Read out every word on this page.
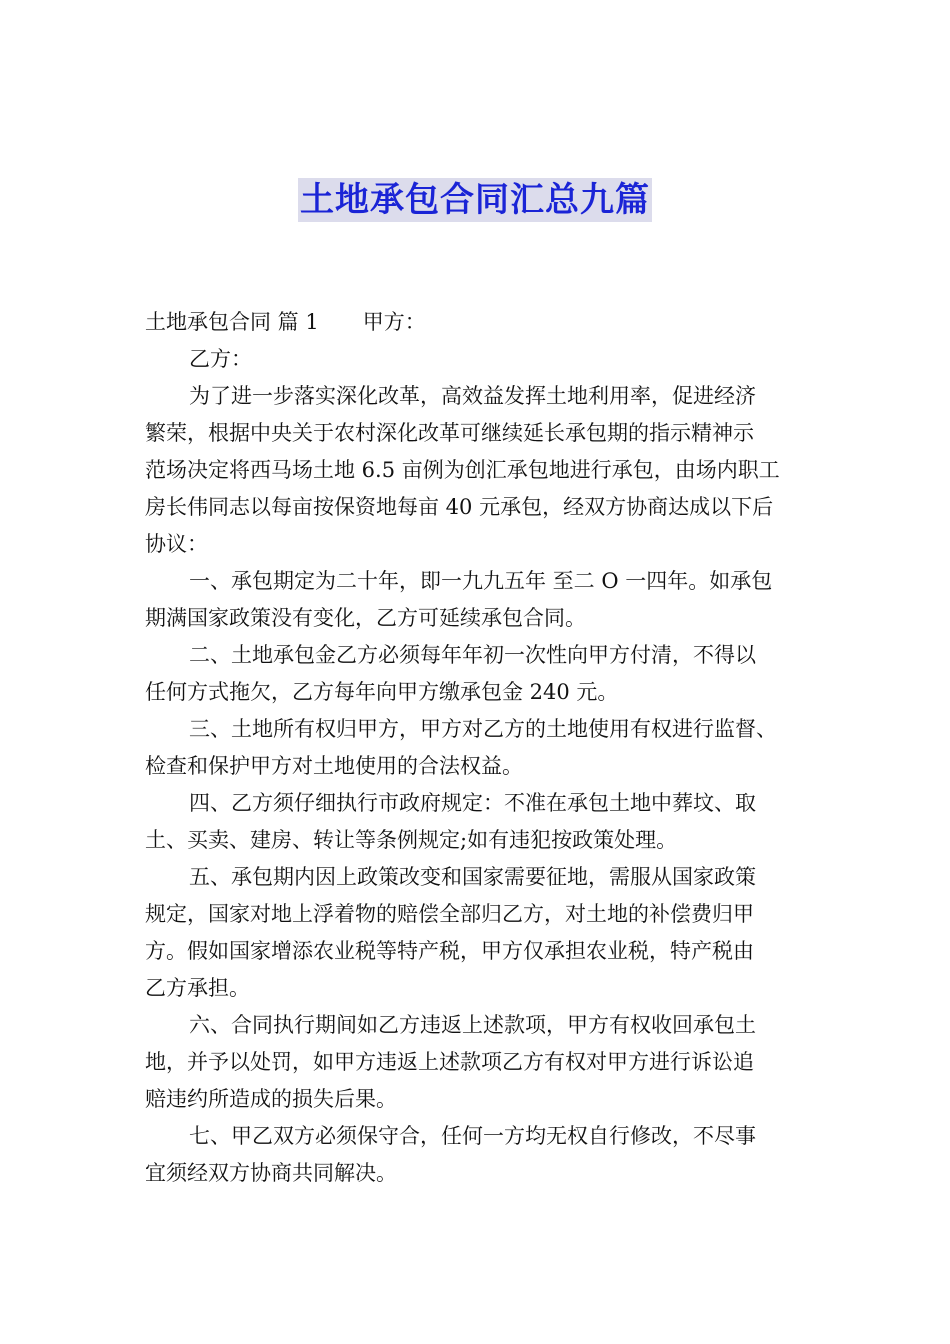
土地承包合同汇总九篇
土地承包合同 篇 1 甲方：
乙方：
为了进一步落实深化改革，高效益发挥土地利用率，促进经济
繁荣，根据中央关于农村深化改革可继续延长承包期的指示精神示
范场决定将西马场土地 6.5 亩例为创汇承包地进行承包，由场内职工
房长伟同志以每亩按保资地每亩 40 元承包，经双方协商达成以下后
协议：
一、承包期定为二十年，即一九九五年 至二 O 一四年。如承包
期满国家政策没有变化，乙方可延续承包合同。
二、土地承包金乙方必须每年年初一次性向甲方付清，不得以
任何方式拖欠，乙方每年向甲方缴承包金 240 元。
三、土地所有权归甲方，甲方对乙方的土地使用有权进行监督、
检查和保护甲方对土地使用的合法权益。
四、乙方须仔细执行市政府规定：不准在承包土地中葬坟、取
土、买卖、建房、转让等条例规定;如有违犯按政策处理。
五、承包期内因上政策改变和国家需要征地，需服从国家政策
规定，国家对地上浮着物的赔偿全部归乙方，对土地的补偿费归甲
方。假如国家增添农业税等特产税，甲方仅承担农业税，特产税由
乙方承担。
六、合同执行期间如乙方违返上述款项，甲方有权收回承包土
地，并予以处罚，如甲方违返上述款项乙方有权对甲方进行诉讼追
赔违约所造成的损失后果。
七、甲乙双方必须保守合，任何一方均无权自行修改，不尽事
宜须经双方协商共同解决。
